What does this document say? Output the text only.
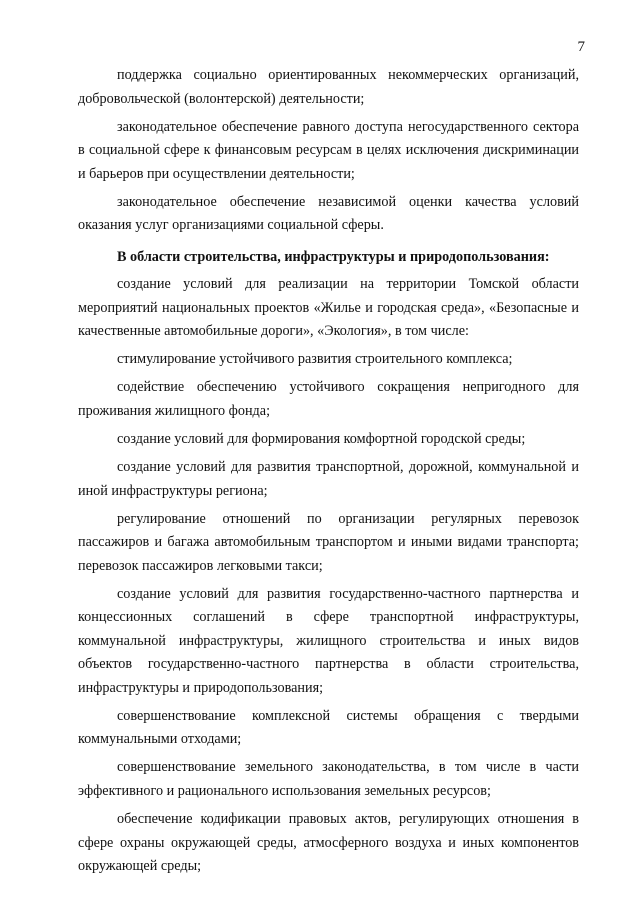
7

поддержка социально ориентированных некоммерческих организаций, добровольческой (волонтерской) деятельности;

законодательное обеспечение равного доступа негосударственного сектора в социальной сфере к финансовым ресурсам в целях исключения дискриминации и барьеров при осуществлении деятельности;

законодательное обеспечение независимой оценки качества условий оказания услуг организациями социальной сферы.

В области строительства, инфраструктуры и природопользования:

создание условий для реализации на территории Томской области мероприятий национальных проектов «Жилье и городская среда», «Безопасные и качественные автомобильные дороги», «Экология», в том числе:

стимулирование устойчивого развития строительного комплекса;

содействие обеспечению устойчивого сокращения непригодного для проживания жилищного фонда;

создание условий для формирования комфортной городской среды;

создание условий для развития транспортной, дорожной, коммунальной и иной инфраструктуры региона;

регулирование отношений по организации регулярных перевозок пассажиров и багажа автомобильным транспортом и иными видами транспорта; перевозок пассажиров легковыми такси;

создание условий для развития государственно-частного партнерства и концессионных соглашений в сфере транспортной инфраструктуры, коммунальной инфраструктуры, жилищного строительства и иных видов объектов государственно-частного партнерства в области строительства, инфраструктуры и природопользования;

совершенствование комплексной системы обращения с твердыми коммунальными отходами;

совершенствование земельного законодательства, в том числе в части эффективного и рационального использования земельных ресурсов;

обеспечение кодификации правовых актов, регулирующих отношения в сфере охраны окружающей среды, атмосферного воздуха и иных компонентов окружающей среды;
